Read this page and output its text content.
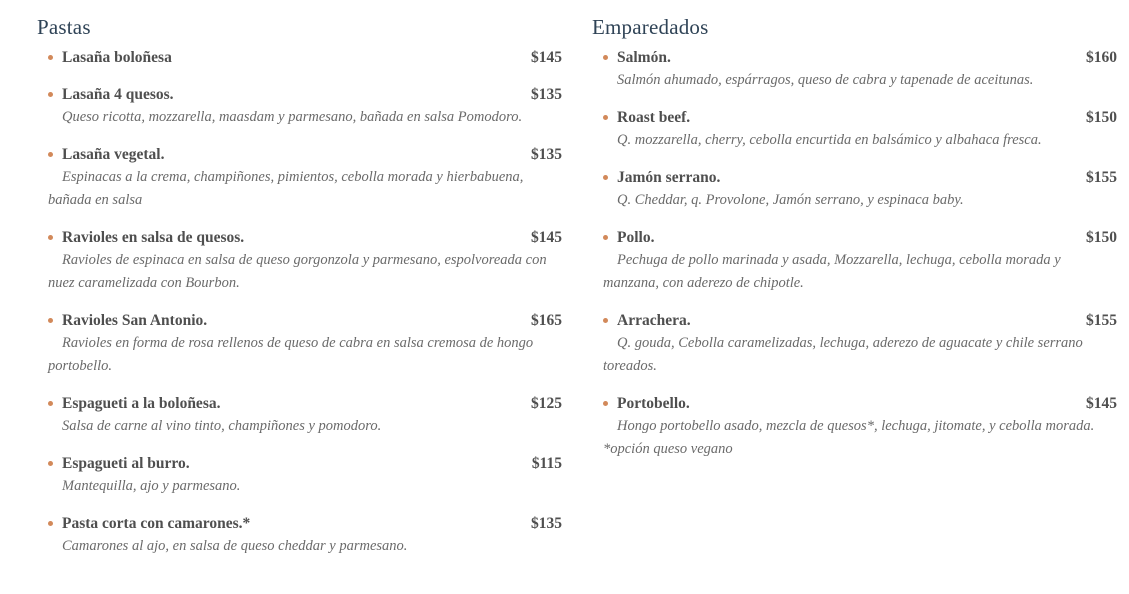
Pastas
Lasaña boloñesa	$145
Lasaña 4 quesos.	$135

Queso ricotta, mozzarella, maasdam y parmesano, bañada en salsa Pomodoro.

Lasaña vegetal.	$135

Espinacas a la crema, champiñones, pimientos, cebolla morada y hierbabuena, bañada en salsa

Ravioles en salsa de quesos.	$145

Ravioles de espinaca en salsa de queso gorgonzola y parmesano, espolvoreada con nuez caramelizada con Bourbon.

Ravioles San Antonio.	$165

Ravioles en forma de rosa rellenos de queso de cabra en salsa cremosa de hongo portobello.

Espagueti a la boloñesa.	$125

Salsa de carne al vino tinto, champiñones y pomodoro.

Espagueti al burro.	$115

Mantequilla, ajo y parmesano.

Pasta corta con camarones.*	$135

Camarones al ajo, en salsa de queso cheddar y parmesano.

Emparedados
Salmón.	$160

Salmón ahumado, espárragos, queso de cabra y tapenade de aceitunas.

Roast beef.	$150

Q. mozzarella, cherry, cebolla encurtida en balsámico y albahaca fresca.

Jamón serrano.	$155

Q. Cheddar, q. Provolone, Jamón serrano, y espinaca baby.

Pollo.	$150

Pechuga de pollo marinada y asada, Mozzarella, lechuga, cebolla morada y manzana, con aderezo de chipotle.

Arrachera.	$155

Q. gouda, Cebolla caramelizadas, lechuga, aderezo de aguacate y chile serrano toreados.

Portobello.	$145

Hongo portobello asado, mezcla de quesos*, lechuga, jitomate, y cebolla morada. *opción queso vegano
